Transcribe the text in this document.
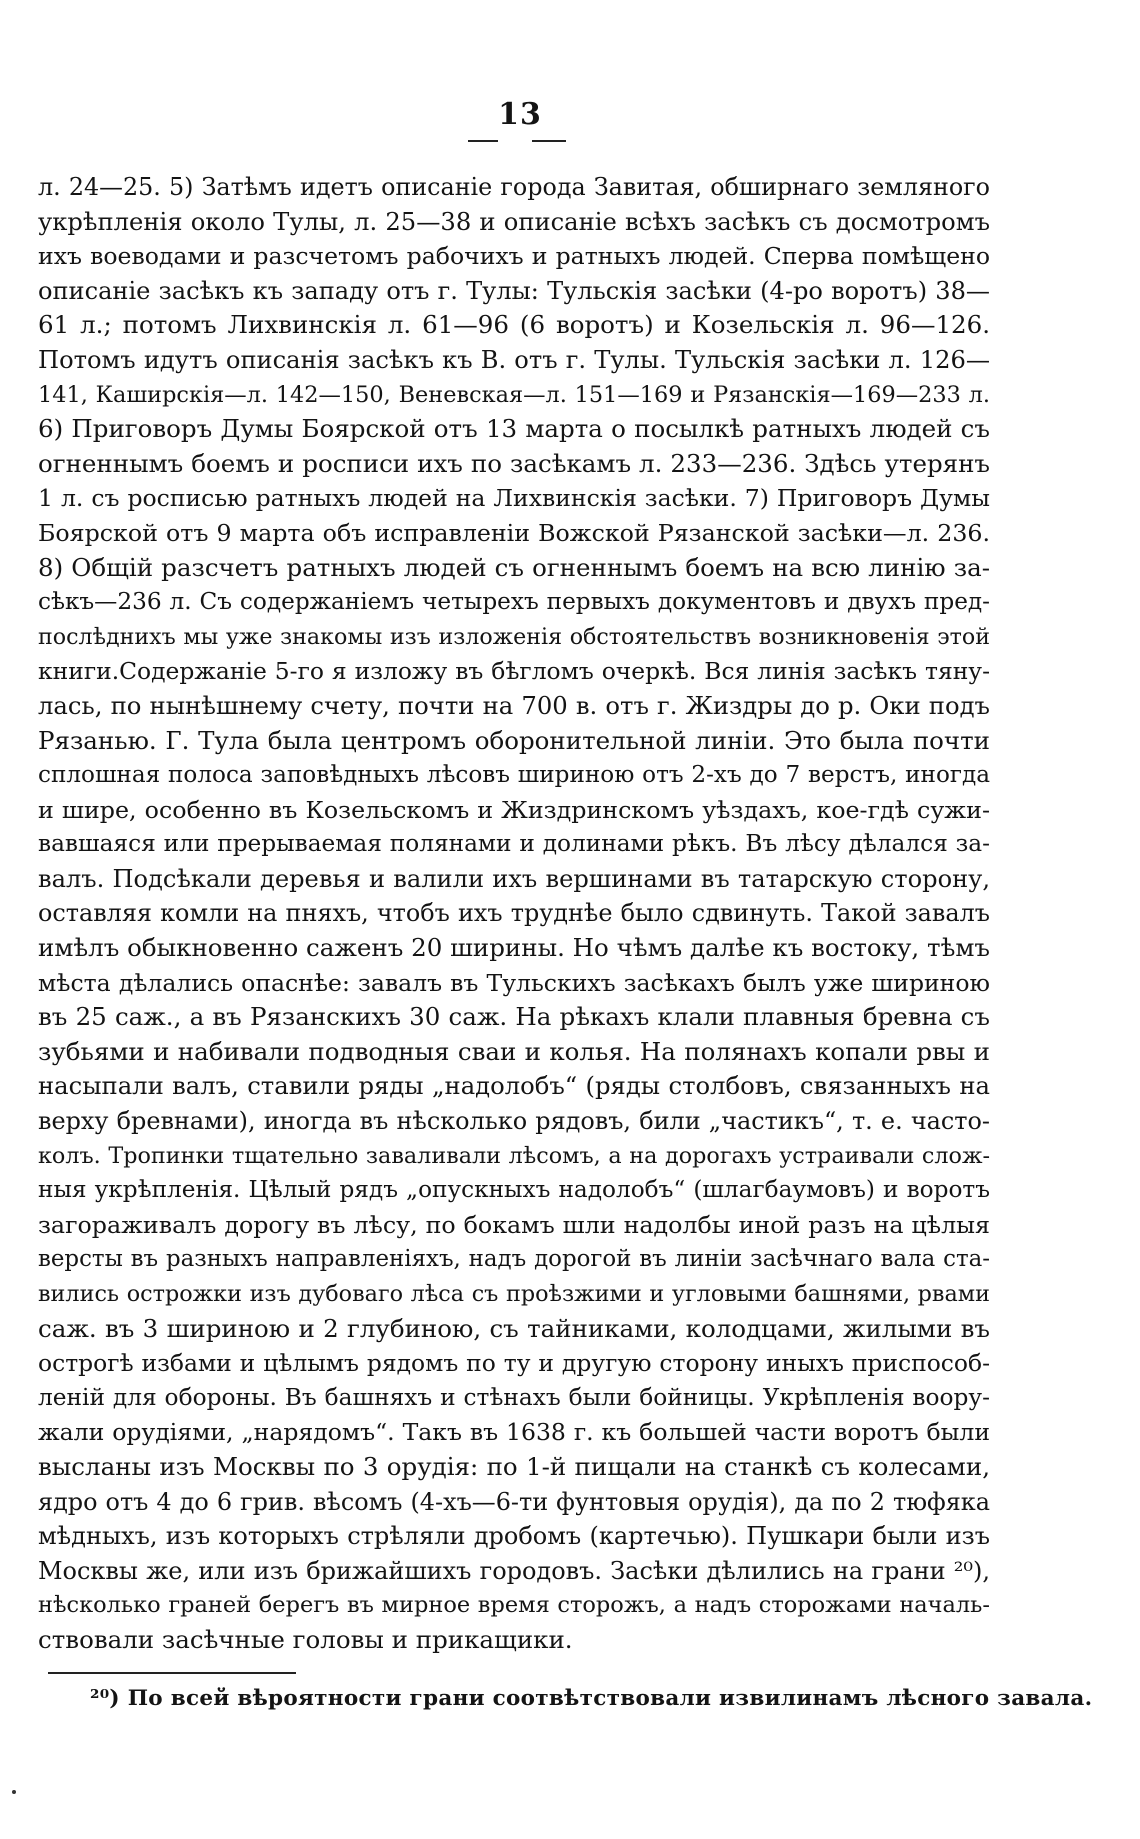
13
л. 24—25. 5) Затѣмъ идетъ описаніе города Завитая, обширнаго земляного
укрѣпленія около Тулы, л. 25—38 и описаніе всѣхъ засѣкъ съ досмотромъ
ихъ воеводами и разсчетомъ рабочихъ и ратныхъ людей. Сперва помѣщено
описаніе засѣкъ къ западу отъ г. Тулы: Тульскія засѣки (4-ро воротъ) 38—
61 л.; потомъ Лихвинскія л. 61—96 (6 воротъ) и Козельскія л. 96—126.
Потомъ идутъ описанія засѣкъ къ В. отъ г. Тулы. Тульскія засѣки л. 126—
141, Каширскія—л. 142—150, Веневская—л. 151—169 и Рязанскія—169—233 л.
6) Приговоръ Думы Боярской отъ 13 марта о посылкѣ ратныхъ людей съ
огненнымъ боемъ и росписи ихъ по засѣкамъ л. 233—236. Здѣсь утерянъ
1 л. съ росписью ратныхъ людей на Лихвинскія засѣки. 7) Приговоръ Думы
Боярской отъ 9 марта объ исправленіи Вожской Рязанской засѣки—л. 236.
8) Общій разсчетъ ратныхъ людей съ огненнымъ боемъ на всю линію за-
сѣкъ—236 л. Съ содержаніемъ четырехъ первыхъ документовъ и двухъ пред-
послѣднихъ мы уже знакомы изъ изложенія обстоятельствъ возникновенія этой
книги.Содержаніе 5-го я изложу въ бѣгломъ очеркѣ. Вся линія засѣкъ тяну-
лась, по нынѣшнему счету, почти на 700 в. отъ г. Жиздры до р. Оки подъ
Рязанью. Г. Тула была центромъ оборонительной линіи. Это была почти
сплошная полоса заповѣдныхъ лѣсовъ шириною отъ 2-хъ до 7 верстъ, иногда
и шире, особенно въ Козельскомъ и Жиздринскомъ уѣздахъ, кое-гдѣ сужи-
вавшаяся или прерываемая полянами и долинами рѣкъ. Въ лѣсу дѣлался за-
валъ. Подсѣкали деревья и валили ихъ вершинами въ татарскую сторону,
оставляя комли на пняхъ, чтобъ ихъ труднѣе было сдвинуть. Такой завалъ
имѣлъ обыкновенно саженъ 20 ширины. Но чѣмъ далѣе къ востоку, тѣмъ
мѣста дѣлались опаснѣе: завалъ въ Тульскихъ засѣкахъ былъ уже шириною
въ 25 саж., а въ Рязанскихъ 30 саж. На рѣкахъ клали плавныя бревна съ
зубьями и набивали подводныя сваи и колья. На полянахъ копали рвы и
насыпали валъ, ставили ряды „надолобъ“ (ряды столбовъ, связанныхъ на
верху бревнами), иногда въ нѣсколько рядовъ, били „частикъ“, т. е. часто-
колъ. Тропинки тщательно заваливали лѣсомъ, а на дорогахъ устраивали слож-
ныя укрѣпленія. Цѣлый рядъ „опускныхъ надолобъ“ (шлагбаумовъ) и воротъ
загораживалъ дорогу въ лѣсу, по бокамъ шли надолбы иной разъ на цѣлыя
версты въ разныхъ направленіяхъ, надъ дорогой въ линіи засѣчнаго вала ста-
вились острожки изъ дубоваго лѣса съ проѣзжими и угловыми башнями, рвами
саж. въ 3 шириною и 2 глубиною, съ тайниками, колодцами, жилыми въ
острогѣ избами и цѣлымъ рядомъ по ту и другую сторону иныхъ приспособ-
леній для обороны. Въ башняхъ и стѣнахъ были бойницы. Укрѣпленія воору-
жали орудіями, „нарядомъ“. Такъ въ 1638 г. къ большей части воротъ были
высланы изъ Москвы по 3 орудія: по 1-й пищали на станкѣ съ колесами,
ядро отъ 4 до 6 грив. вѣсомъ (4-хъ—6-ти фунтовыя орудія), да по 2 тюфяка
мѣдныхъ, изъ которыхъ стрѣляли дробомъ (картечью). Пушкари были изъ
Москвы же, или изъ брижайшихъ городовъ. Засѣки дѣлились на грани ²⁰),
нѣсколько граней берегъ въ мирное время сторожъ, а надъ сторожами началь-
ствовали засѣчные головы и прикащики.
²⁰) По всей вѣроятности грани соотвѣтствовали извилинамъ лѣсного завала.
